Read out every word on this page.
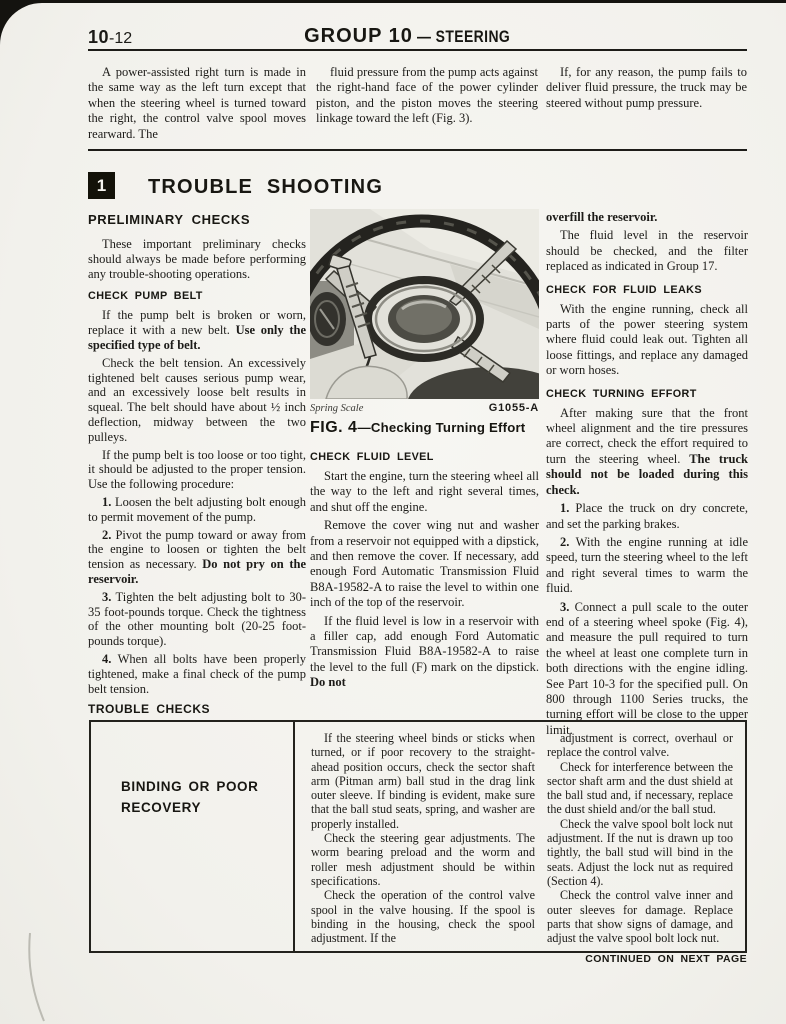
10-12	GROUP 10 — STEERING

A power-assisted right turn is made in the same way as the left turn except that when the steering wheel is turned toward the right, the control valve spool moves rearward. The

fluid pressure from the pump acts against the right-hand face of the power cylinder piston, and the piston moves the steering linkage toward the left (Fig. 3).

If, for any reason, the pump fails to deliver fluid pressure, the truck may be steered without pump pressure.

1	TROUBLE SHOOTING
PRELIMINARY CHECKS

These important preliminary checks should always be made before performing any trouble-shooting operations.

CHECK PUMP BELT

If the pump belt is broken or worn, replace it with a new belt. Use only the specified type of belt.

Check the belt tension. An excessively tightened belt causes serious pump wear, and an excessively loose belt results in squeal. The belt should have about ½ inch deflection, midway between the two pulleys.

If the pump belt is too loose or too tight, it should be adjusted to the proper tension. Use the following procedure:

1. Loosen the belt adjusting bolt enough to permit movement of the pump.

2. Pivot the pump toward or away from the engine to loosen or tighten the belt tension as necessary. Do not pry on the reservoir.

3. Tighten the belt adjusting bolt to 30-35 foot-pounds torque. Check the tightness of the other mounting bolt (20-25 foot-pounds torque).

4. When all bolts have been properly tightened, make a final check of the pump belt tension.

Spring Scale	G1055-A
FIG. 4—Checking Turning Effort
CHECK FLUID LEVEL

Start the engine, turn the steering wheel all the way to the left and right several times, and shut off the engine.

Remove the cover wing nut and washer from a reservoir not equipped with a dipstick, and then remove the cover. If necessary, add enough Ford Automatic Transmission Fluid B8A-19582-A to raise the level to within one inch of the top of the reservoir.

If the fluid level is low in a reservoir with a filler cap, add enough Ford Automatic Transmission Fluid B8A-19582-A to raise the level to the full (F) mark on the dipstick. Do not

overfill the reservoir.

The fluid level in the reservoir should be checked, and the filter replaced as indicated in Group 17.

CHECK FOR FLUID LEAKS

With the engine running, check all parts of the power steering system where fluid could leak out. Tighten all loose fittings, and replace any damaged or worn hoses.

CHECK TURNING EFFORT

After making sure that the front wheel alignment and the tire pressures are correct, check the effort required to turn the steering wheel. The truck should not be loaded during this check.

1. Place the truck on dry concrete, and set the parking brakes.

2. With the engine running at idle speed, turn the steering wheel to the left and right several times to warm the fluid.

3. Connect a pull scale to the outer end of a steering wheel spoke (Fig. 4), and measure the pull required to turn the wheel at least one complete turn in both directions with the engine idling. See Part 10-3 for the specified pull. On 800 through 1100 Series trucks, the turning effort will be close to the upper limit.

TROUBLE CHECKS
BINDING OR POOR RECOVERY

If the steering wheel binds or sticks when turned, or if poor recovery to the straight-ahead position occurs, check the sector shaft arm (Pitman arm) ball stud in the drag link outer sleeve. If binding is evident, make sure that the ball stud seats, spring, and washer are properly installed.

Check the steering gear adjustments. The worm bearing preload and the worm and roller mesh adjustment should be within specifications.

Check the operation of the control valve spool in the valve housing. If the spool is binding in the housing, check the spool adjustment. If the

adjustment is correct, overhaul or replace the control valve.

Check for interference between the sector shaft arm and the dust shield at the ball stud and, if necessary, replace the dust shield and/or the ball stud.

Check the valve spool bolt lock nut adjustment. If the nut is drawn up too tightly, the ball stud will bind in the seats. Adjust the lock nut as required (Section 4).

Check the control valve inner and outer sleeves for damage. Replace parts that show signs of damage, and adjust the valve spool bolt lock nut.

CONTINUED ON NEXT PAGE
